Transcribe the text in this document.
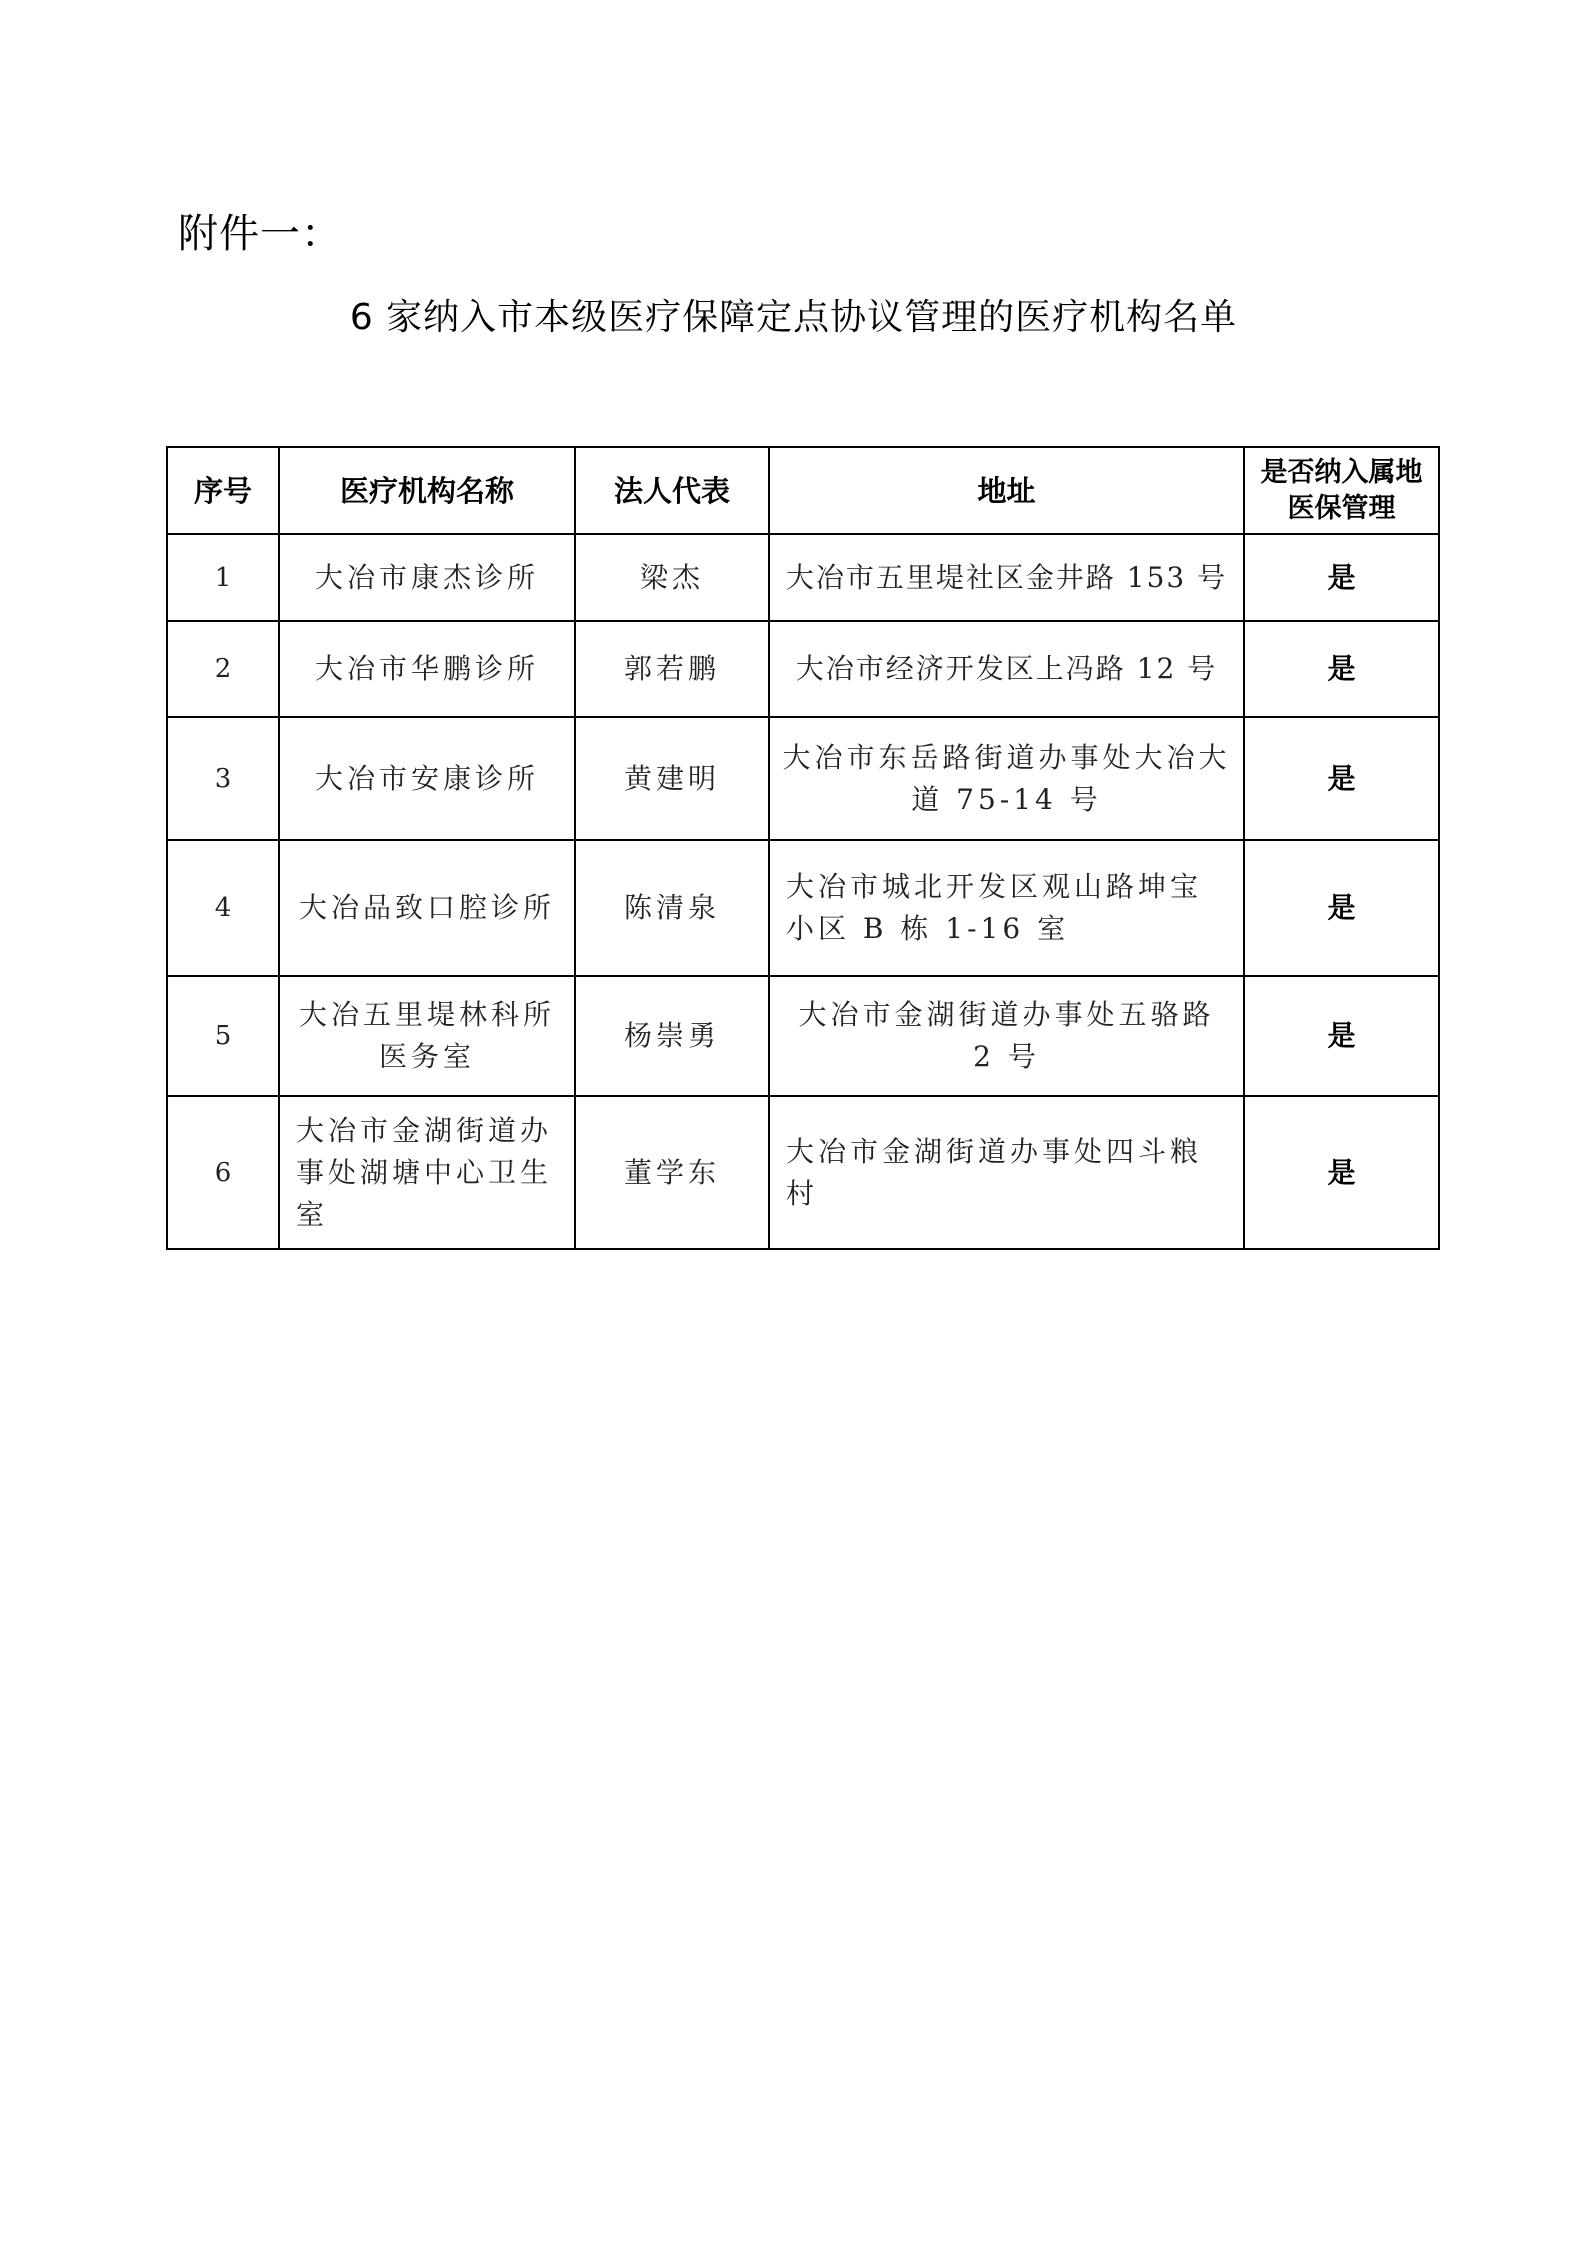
附件一：
6 家纳入市本级医疗保障定点协议管理的医疗机构名单
序号	医疗机构名称	法人代表	地址	是否纳入属地医保管理
1	大冶市康杰诊所	梁杰	大冶市五里堤社区金井路 153 号	是
2	大冶市华鹏诊所	郭若鹏	大冶市经济开发区上冯路 12 号	是
3	大冶市安康诊所	黄建明	大冶市东岳路街道办事处大冶大道 75-14 号	是
4	大冶品致口腔诊所	陈清泉	大冶市城北开发区观山路坤宝小区 B 栋 1-16 室	是
5	大冶五里堤林科所医务室	杨崇勇	大冶市金湖街道办事处五骆路 2 号	是
6	大冶市金湖街道办事处湖塘中心卫生室	董学东	大冶市金湖街道办事处四斗粮村	是
